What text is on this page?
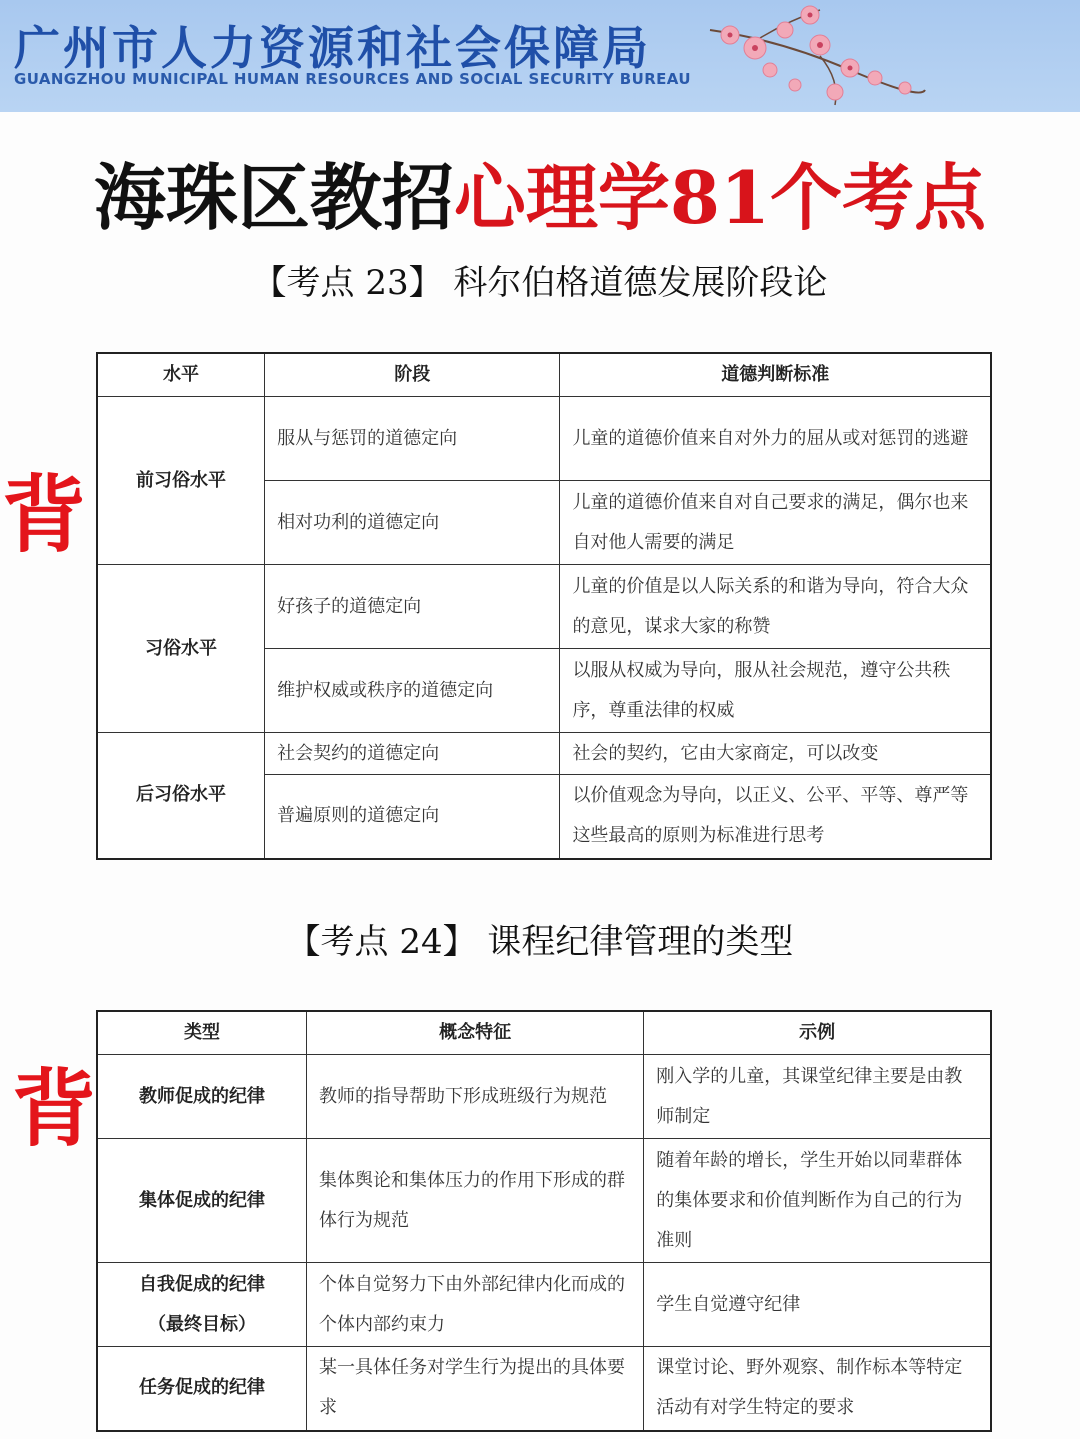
广州市人力资源和社会保障局
GUANGZHOU MUNICIPAL HUMAN RESOURCES AND SOCIAL SECURITY BUREAU
海珠区教招心理学81个考点
【考点 23】 科尔伯格道德发展阶段论
背
水平	阶段	道德判断标准
前习俗水平	服从与惩罚的道德定向	儿童的道德价值来自对外力的屈从或对惩罚的逃避
	相对功利的道德定向	儿童的道德价值来自对自己要求的满足，偶尔也来自对他人需要的满足
习俗水平	好孩子的道德定向	儿童的价值是以人际关系的和谐为导向，符合大众的意见，谋求大家的称赞
	维护权威或秩序的道德定向	以服从权威为导向，服从社会规范，遵守公共秩序，尊重法律的权威
后习俗水平	社会契约的道德定向	社会的契约，它由大家商定，可以改变
	普遍原则的道德定向	以价值观念为导向，以正义、公平、平等、尊严等这些最高的原则为标准进行思考
【考点 24】 课程纪律管理的类型
背
类型	概念特征	示例
教师促成的纪律	教师的指导帮助下形成班级行为规范	刚入学的儿童，其课堂纪律主要是由教师制定
集体促成的纪律	集体舆论和集体压力的作用下形成的群体行为规范	随着年龄的增长，学生开始以同辈群体的集体要求和价值判断作为自己的行为准则
自我促成的纪律
（最终目标）	个体自觉努力下由外部纪律内化而成的个体内部约束力	学生自觉遵守纪律
任务促成的纪律	某一具体任务对学生行为提出的具体要求	课堂讨论、野外观察、制作标本等特定活动有对学生特定的要求
